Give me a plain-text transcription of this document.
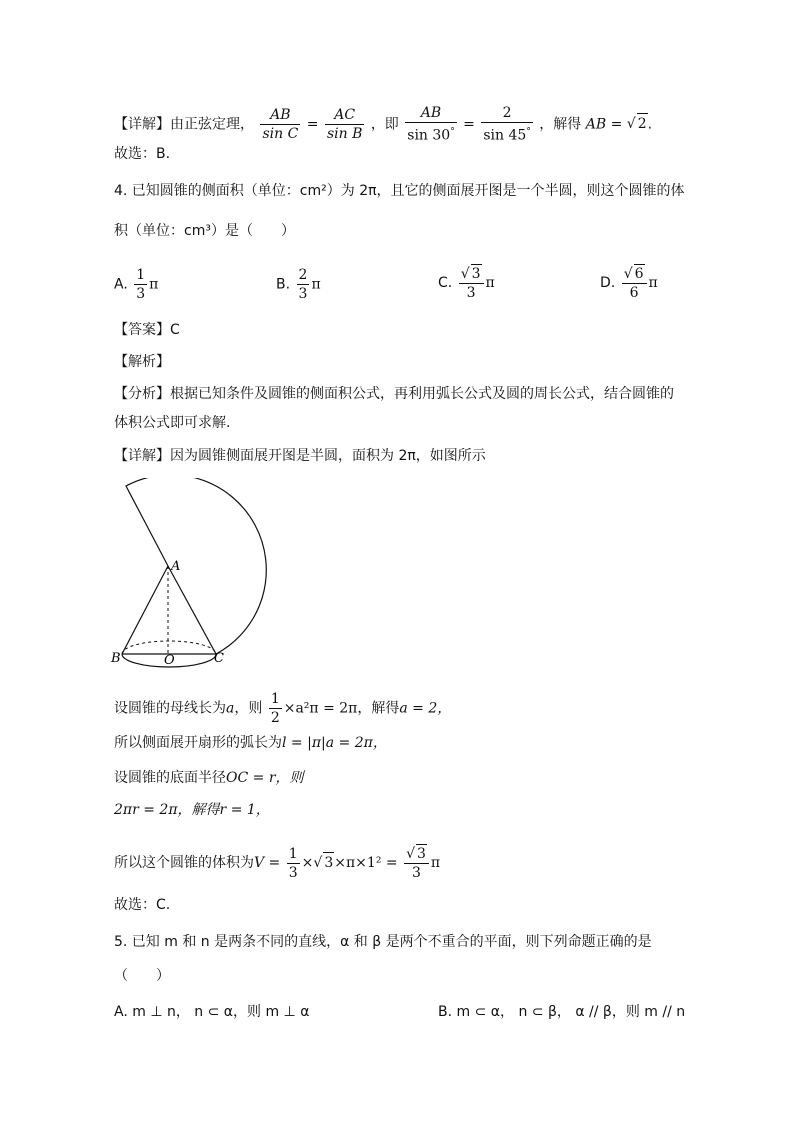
【详解】由正弦定理， $\frac{AB}{\text{sin C}} = \frac{AC}{\text{sin B}}$ ，即 $\frac{AB}{\sin 30^\circ} = \frac{2}{\sin 45^\circ}$ ，解得 AB = √ 2.
故选：B.
4. 已知圆锥的侧面积（单位：cm²）为 2π，且它的侧面展开图是一个半圆，则这个圆锥的体
积（单位：cm³）是（　　）
A. $\frac{1}{3}$ π	B. $\frac{2}{3}$ π	C. $\frac{√ 3}{3}$ π	D. $\frac{√ 6}{6}$ π
【答案】C
【解析】
【分析】根据已知条件及圆锥的侧面积公式，再利用弧长公式及圆的周长公式，结合圆锥的
体积公式即可求解.
【详解】因为圆锥侧面展开图是半圆，面积为 2π，如图所示
A
B	O	C
设圆锥的母线长为a，则 $\frac{1}{2} \times a^2\pi = 2\pi$，解得a = 2，
所以侧面展开扇形的弧长为l = |π|a = 2π，
设圆锥的底面半径OC = r，则
2πr = 2π，解得r = 1，
所以这个圆锥的体积为$V = \frac{1}{3}$ ×√ $3\times\pi\times 1^2 = \frac{√ 3}{3}$ π
故选：C.
5. 已知 m 和 n 是两条不同的直线，α 和 β 是两个不重合的平面，则下列命题正确的是
（　　）
A. m ⊥ n， n ⊂ α，则 m ⊥ α	B. m ⊂ α， n ⊂ β， α // β，则 m // n
